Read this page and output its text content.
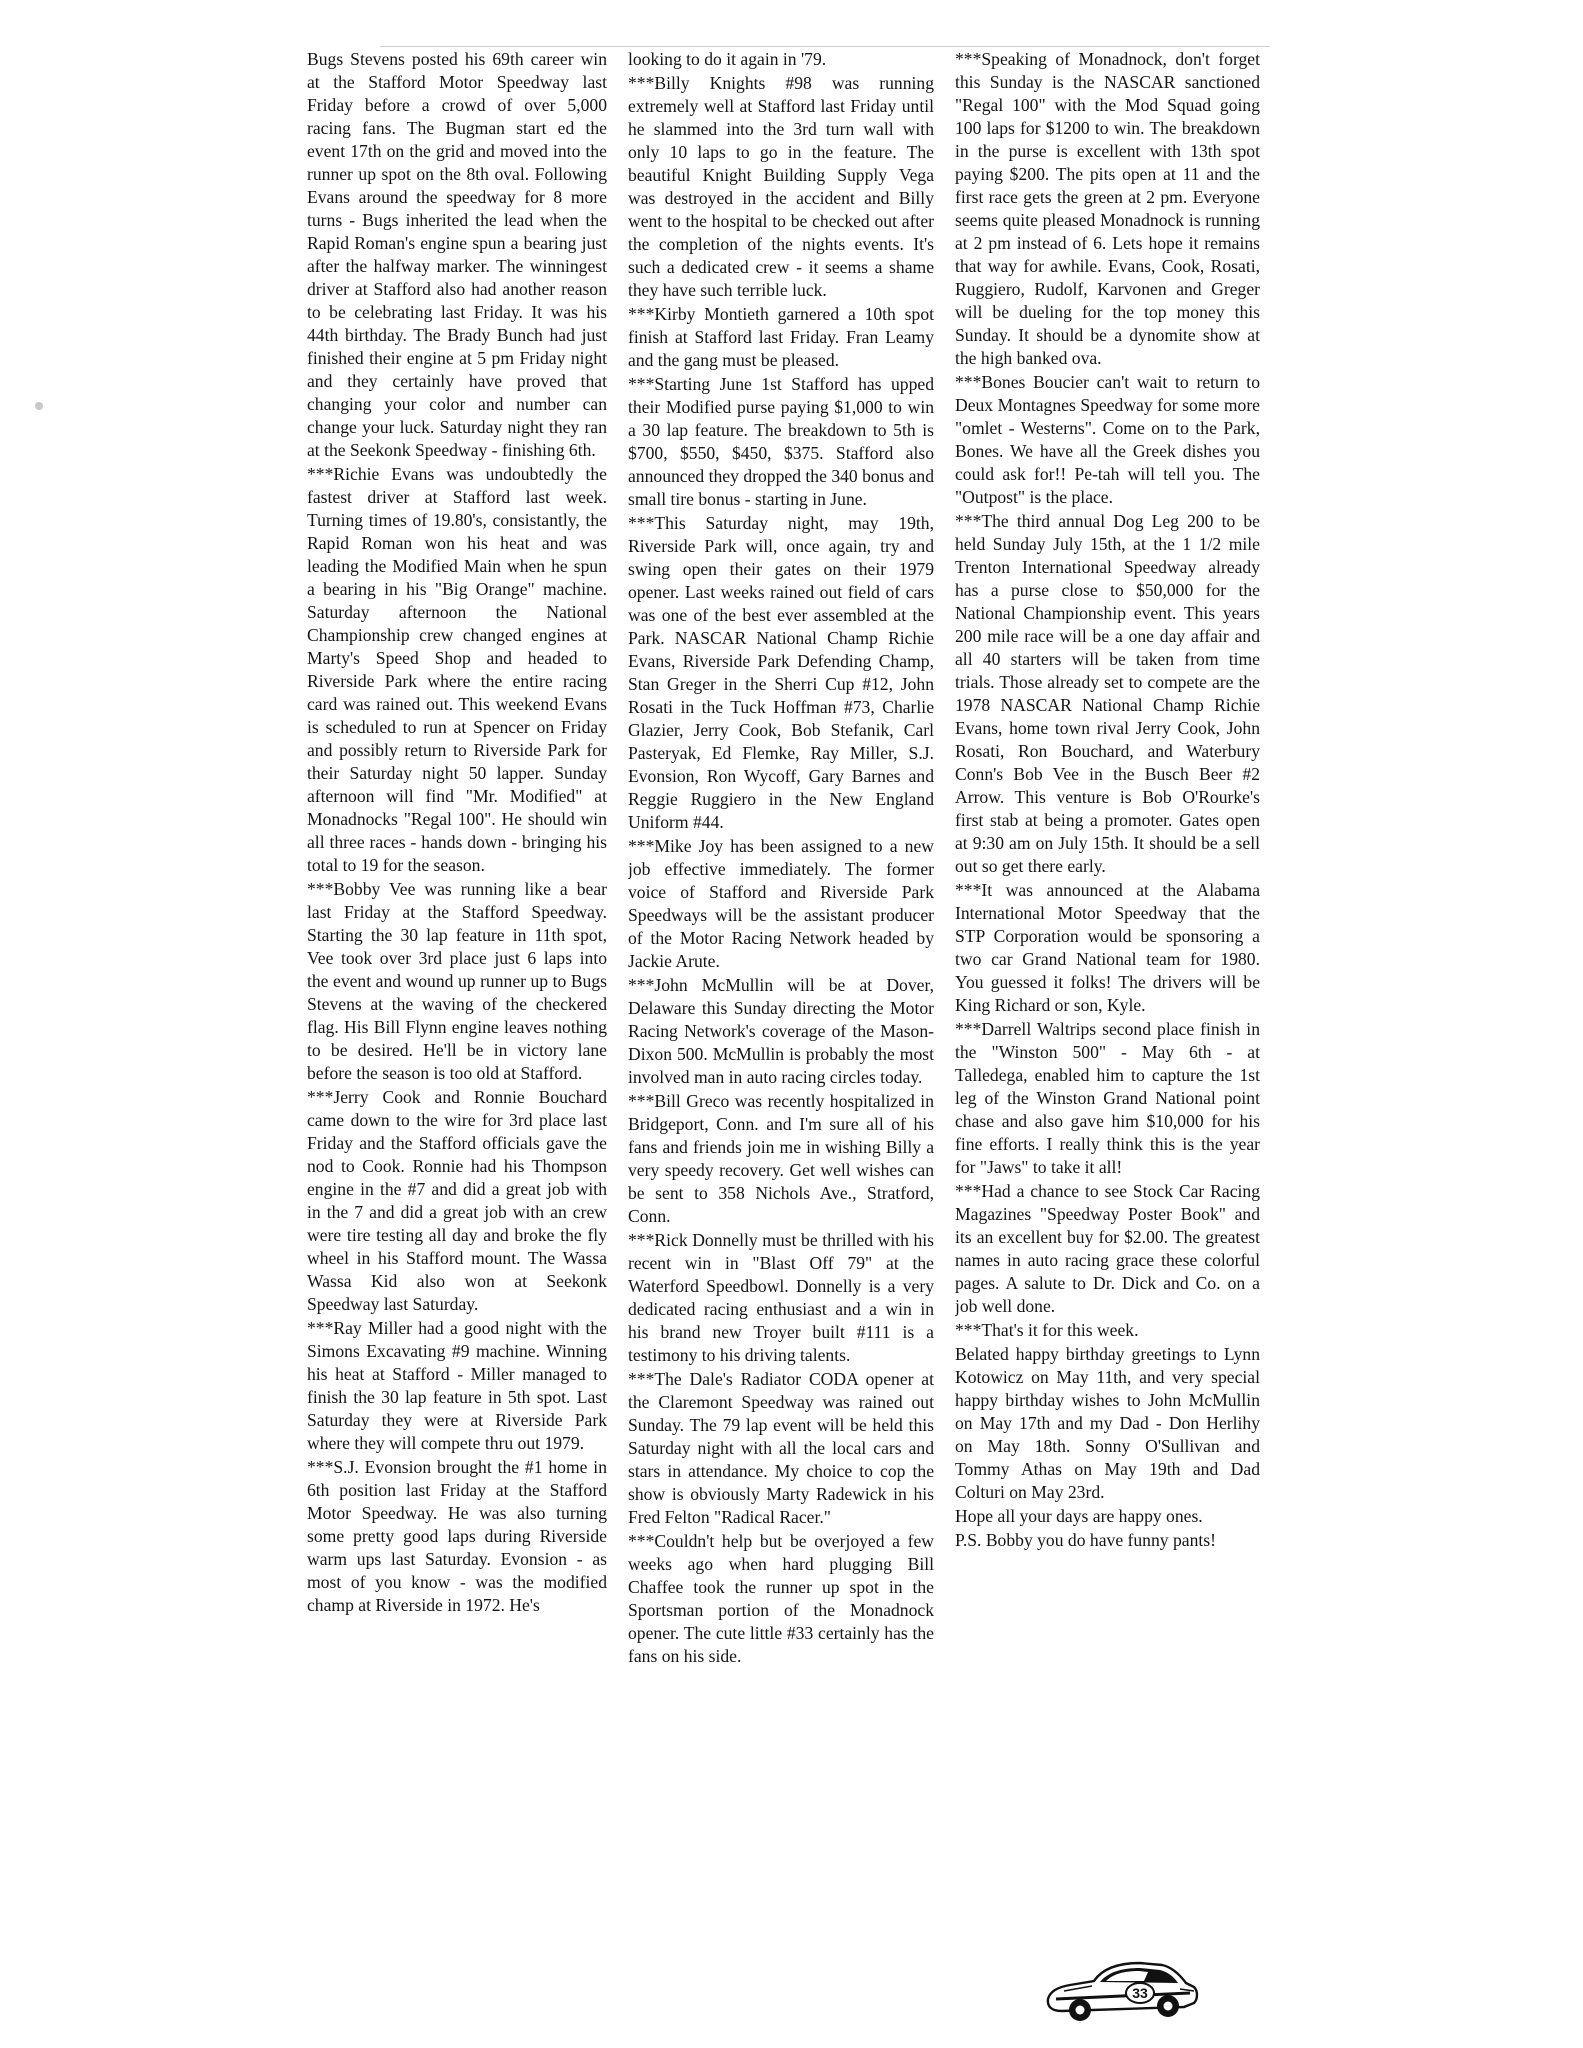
Bugs Stevens posted his 69th career win at the Stafford Motor Speedway last Friday before a crowd of over 5,000 racing fans. The Bugman start ed the event 17th on the grid and moved into the runner up spot on the 8th oval. Following Evans around the speedway for 8 more turns - Bugs inherited the lead when the Rapid Roman's engine spun a bearing just after the halfway marker. The winningest driver at Stafford also had another reason to be celebrating last Friday. It was his 44th birthday. The Brady Bunch had just finished their engine at 5 pm Friday night and they certainly have proved that changing your color and number can change your luck. Saturday night they ran at the Seekonk Speedway - finishing 6th.

***Richie Evans was undoubtedly the fastest driver at Stafford last week. Turning times of 19.80's, consistantly, the Rapid Roman won his heat and was leading the Modified Main when he spun a bearing in his "Big Orange" machine. Saturday afternoon the National Championship crew changed engines at Marty's Speed Shop and headed to Riverside Park where the entire racing card was rained out. This weekend Evans is scheduled to run at Spencer on Friday and possibly return to Riverside Park for their Saturday night 50 lapper. Sunday afternoon will find "Mr. Modified" at Monadnocks "Regal 100". He should win all three races - hands down - bringing his total to 19 for the season.

***Bobby Vee was running like a bear last Friday at the Stafford Speedway. Starting the 30 lap feature in 11th spot, Vee took over 3rd place just 6 laps into the event and wound up runner up to Bugs Stevens at the waving of the checkered flag. His Bill Flynn engine leaves nothing to be desired. He'll be in victory lane before the season is too old at Stafford.

***Jerry Cook and Ronnie Bouchard came down to the wire for 3rd place last Friday and the Stafford officials gave the nod to Cook. Ronnie had his Thompson engine in the #7 and did a great job with in the 7 and did a great job with an crew were tire testing all day and broke the fly wheel in his Stafford mount. The Wassa Wassa Kid also won at Seekonk Speedway last Saturday.

***Ray Miller had a good night with the Simons Excavating #9 machine. Winning his heat at Stafford - Miller managed to finish the 30 lap feature in 5th spot. Last Saturday they were at Riverside Park where they will compete thru out 1979.

***S.J. Evonsion brought the #1 home in 6th position last Friday at the Stafford Motor Speedway. He was also turning some pretty good laps during Riverside warm ups last Saturday. Evonsion - as most of you know - was the modified champ at Riverside in 1972. He's

looking to do it again in '79.

***Billy Knights #98 was running extremely well at Stafford last Friday until he slammed into the 3rd turn wall with only 10 laps to go in the feature. The beautiful Knight Building Supply Vega was destroyed in the accident and Billy went to the hospital to be checked out after the completion of the nights events. It's such a dedicated crew - it seems a shame they have such terrible luck.

***Kirby Montieth garnered a 10th spot finish at Stafford last Friday. Fran Leamy and the gang must be pleased.

***Starting June 1st Stafford has upped their Modified purse paying $1,000 to win a 30 lap feature. The breakdown to 5th is $700, $550, $450, $375. Stafford also announced they dropped the 340 bonus and small tire bonus - starting in June.

***This Saturday night, may 19th, Riverside Park will, once again, try and swing open their gates on their 1979 opener. Last weeks rained out field of cars was one of the best ever assembled at the Park. NASCAR National Champ Richie Evans, Riverside Park Defending Champ, Stan Greger in the Sherri Cup #12, John Rosati in the Tuck Hoffman #73, Charlie Glazier, Jerry Cook, Bob Stefanik, Carl Pasteryak, Ed Flemke, Ray Miller, S.J. Evonsion, Ron Wycoff, Gary Barnes and Reggie Ruggiero in the New England Uniform #44.

***Mike Joy has been assigned to a new job effective immediately. The former voice of Stafford and Riverside Park Speedways will be the assistant producer of the Motor Racing Network headed by Jackie Arute.

***John McMullin will be at Dover, Delaware this Sunday directing the Motor Racing Network's coverage of the Mason-Dixon 500. McMullin is probably the most involved man in auto racing circles today.

***Bill Greco was recently hospitalized in Bridgeport, Conn. and I'm sure all of his fans and friends join me in wishing Billy a very speedy recovery. Get well wishes can be sent to 358 Nichols Ave., Stratford, Conn.

***Rick Donnelly must be thrilled with his recent win in "Blast Off 79" at the Waterford Speedbowl. Donnelly is a very dedicated racing enthusiast and a win in his brand new Troyer built #111 is a testimony to his driving talents.

***The Dale's Radiator CODA opener at the Claremont Speedway was rained out Sunday. The 79 lap event will be held this Saturday night with all the local cars and stars in attendance. My choice to cop the show is obviously Marty Radewick in his Fred Felton "Radical Racer."

***Couldn't help but be overjoyed a few weeks ago when hard plugging Bill Chaffee took the runner up spot in the Sportsman portion of the Monadnock opener. The cute little #33 certainly has the fans on his side.

***Speaking of Monadnock, don't forget this Sunday is the NASCAR sanctioned "Regal 100" with the Mod Squad going 100 laps for $1200 to win. The breakdown in the purse is excellent with 13th spot paying $200. The pits open at 11 and the first race gets the green at 2 pm. Everyone seems quite pleased Monadnock is running at 2 pm instead of 6. Lets hope it remains that way for awhile. Evans, Cook, Rosati, Ruggiero, Rudolf, Karvonen and Greger will be dueling for the top money this Sunday. It should be a dynomite show at the high banked ova.

***Bones Boucier can't wait to return to Deux Montagnes Speedway for some more "omlet - Westerns". Come on to the Park, Bones. We have all the Greek dishes you could ask for!! Pe-tah will tell you. The "Outpost" is the place.

***The third annual Dog Leg 200 to be held Sunday July 15th, at the 1 1/2 mile Trenton International Speedway already has a purse close to $50,000 for the National Championship event. This years 200 mile race will be a one day affair and all 40 starters will be taken from time trials. Those already set to compete are the 1978 NASCAR National Champ Richie Evans, home town rival Jerry Cook, John Rosati, Ron Bouchard, and Waterbury Conn's Bob Vee in the Busch Beer #2 Arrow. This venture is Bob O'Rourke's first stab at being a promoter. Gates open at 9:30 am on July 15th. It should be a sell out so get there early.

***It was announced at the Alabama International Motor Speedway that the STP Corporation would be sponsoring a two car Grand National team for 1980. You guessed it folks! The drivers will be King Richard or son, Kyle.

***Darrell Waltrips second place finish in the "Winston 500" - May 6th - at Talledega, enabled him to capture the 1st leg of the Winston Grand National point chase and also gave him $10,000 for his fine efforts. I really think this is the year for "Jaws" to take it all!

***Had a chance to see Stock Car Racing Magazines "Speedway Poster Book" and its an excellent buy for $2.00. The greatest names in auto racing grace these colorful pages. A salute to Dr. Dick and Co. on a job well done.

***That's it for this week.

Belated happy birthday greetings to Lynn Kotowicz on May 11th, and very special happy birthday wishes to John McMullin on May 17th and my Dad - Don Herlihy on May 18th. Sonny O'Sullivan and Tommy Athas on May 19th and Dad Colturi on May 23rd.

Hope all your days are happy ones.

P.S. Bobby you do have funny pants!

33
